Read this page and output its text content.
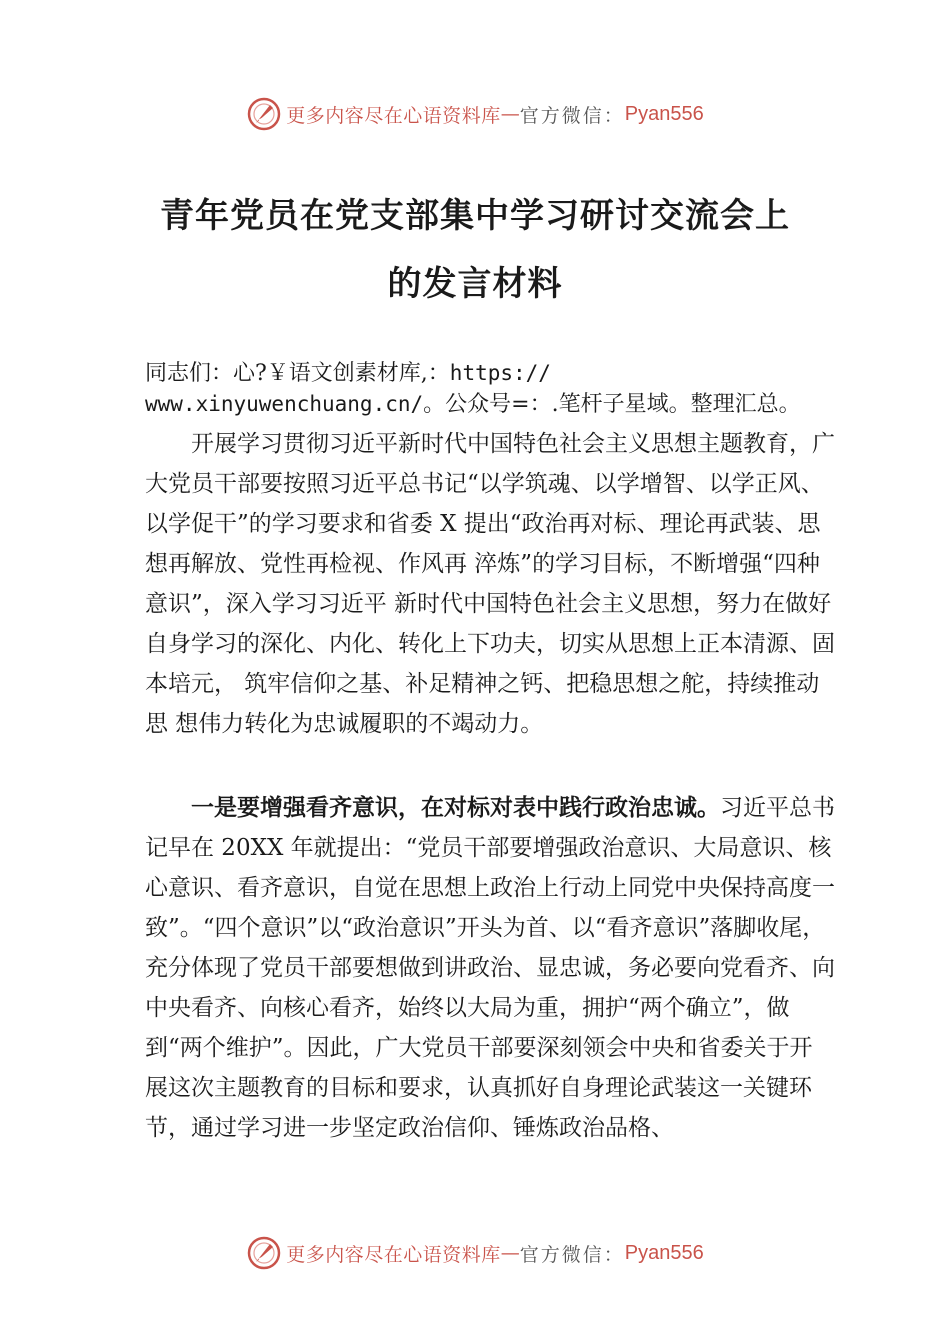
更多内容尽在心语资料库 — 官方微信： Pyan556
青年党员在党支部集中学习研讨交流会上
的发言材料

同志们：心?￥语文创素材库,：https://
www.xinyuwenchuang.cn/。公众号=：.笔杆子星域。整理汇总。

开展学习贯彻习近平新时代中国特色社会主义思想主题教育，广大党员干部要按照习近平总书记“以学筑魂、以学增智、以学正风、以学促干”的学习要求和省委 X 提出“政治再对标、理论再武装、思想再解放、党性再检视、作风再 淬炼”的学习目标，不断增强“四种意识”，深入学习习近平 新时代中国特色社会主义思想，努力在做好自身学习的深化、内化、转化上下功夫，切实从思想上正本清源、固本培元， 筑牢信仰之基、补足精神之钙、把稳思想之舵，持续推动思 想伟力转化为忠诚履职的不竭动力。

一是要增强看齐意识，在对标对表中践行政治忠诚。习近平总书记早在 20XX 年就提出：“党员干部要增强政治意识、大局意识、核心意识、看齐意识，自觉在思想上政治上行动上同党中央保持高度一致”。“四个意识”以“政治意识”开头为首、以“看齐意识”落脚收尾，充分体现了党员干部要想做到讲政治、显忠诚，务必要向党看齐、向中央看齐、向核心看齐，始终以大局为重，拥护“两个确立”，做到“两个维护”。因此，广大党员干部要深刻领会中央和省委关于开展这次主题教育的目标和要求，认真抓好自身理论武装这一关键环节，通过学习进一步坚定政治信仰、锤炼政治品格、

更多内容尽在心语资料库 — 官方微信： Pyan556
